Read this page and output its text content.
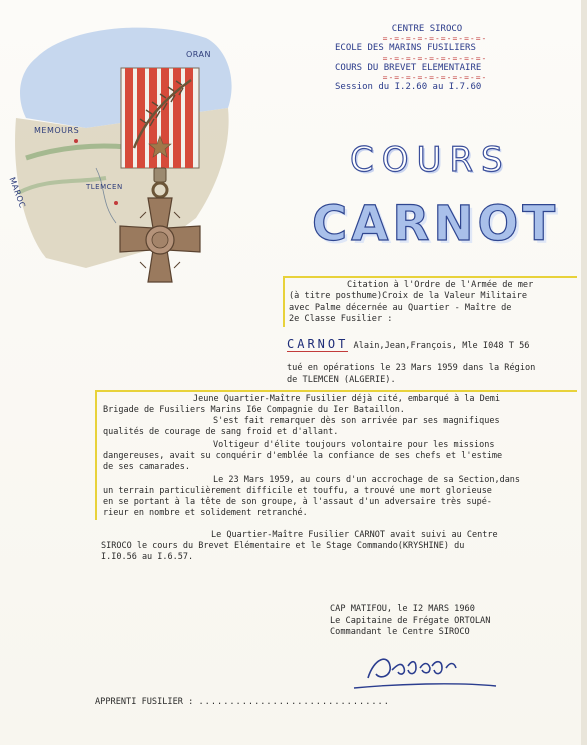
ORAN
MEMOURS
MAROC	TLEMCEN
CENTRE SIROCO
=-=-=-=-=-=-=-=-=-
ECOLE DES MARINS FUSILIERS
=-=-=-=-=-=-=-=-=-
COURS DU BREVET ELEMENTAIRE
=-=-=-=-=-=-=-=-=-
Session du I.2.60 au I.7.60
COURS
CARNOT
Citation à l'Ordre de l'Armée de mer
(à titre posthume)Croix de la Valeur Militaire
avec Palme décernée au Quartier - Maître de
2e Classe Fusilier :
CARNOT Alain,Jean,François, Mle I048 T 56
tué en opérations le 23 Mars 1959 dans la Région
de TLEMCEN (ALGERIE).

Jeune Quartier-Maître Fusilier déjà cité, embarqué à la Demi

Brigade de Fusiliers Marins I6e Compagnie du Ier Bataillon.

S'est fait remarquer dès son arrivée par ses magnifiques

qualités de courage de sang froid et d'allant.

Voltigeur d'élite toujours volontaire pour les missions

dangereuses, avait su conquérir d'emblée la confiance de ses chefs et l'estime

de ses camarades.

Le 23 Mars 1959, au cours d'un accrochage de sa Section,dans

un terrain particulièrement difficile et touffu, a trouvé une mort glorieuse

en se portant à la tête de son groupe, à l'assaut d'un adversaire très supé-

rieur en nombre et solidement retranché.

Le Quartier-Maître Fusilier CARNOT avait suivi au Centre

SIROCO le cours du Brevet Elémentaire et le Stage Commando(KRYSHINE) du

I.I0.56 au I.6.57.

CAP MATIFOU, le I2 MARS 1960

Le Capitaine de Frégate ORTOLAN

Commandant le Centre SIROCO

APPRENTI FUSILIER : ...............................
